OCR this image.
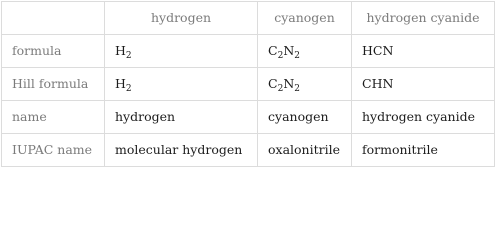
	hydrogen	cyanogen	hydrogen cyanide
formula	$H_2$	$C_2N_2$	HCN
Hill formula	$H_2$	$C_2N_2$	CHN
name	hydrogen	cyanogen	hydrogen cyanide
IUPAC name	molecular hydrogen	oxalonitrile	formonitrile
